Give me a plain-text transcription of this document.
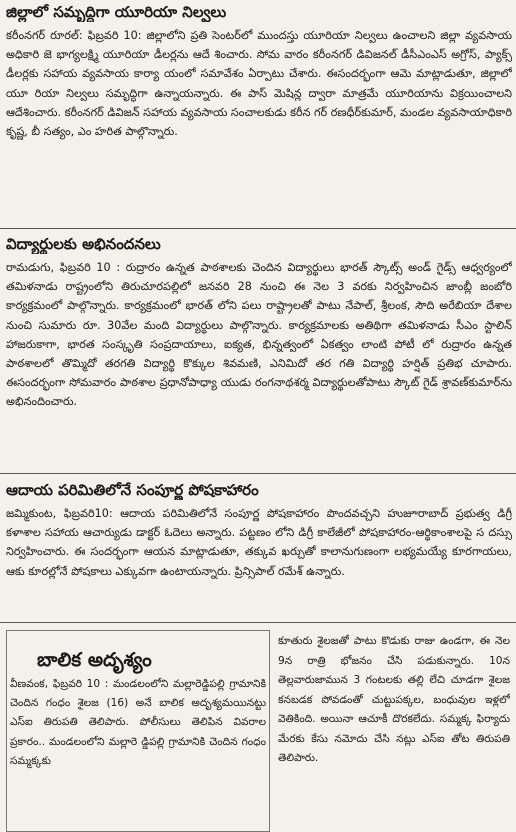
జిల్లాలో సమృద్ధిగా యూరియా నిల్వలు
కరీంనగర్ రూరల్: ఫిబ్రవరి 10: జిల్లాలోని ప్రతి సెంటర్‌లో ముందస్తు యూరియా నిల్వలు ఉంచాలని జిల్లా వ్యవసాయ అధికారి జె భాగ్యలక్ష్మి యూరియా డీలర్లను ఆదే శించారు. సోమ వారం కరీంనగర్ డివిజనల్ డీసీఎంఎస్ అగ్రోస్, ప్యాక్స్ డీలర్లకు సహాయ వ్యవసాయ కార్యా యంలో సమావేశం ఏర్పాటు చేశారు. ఈసందర్భంగా ఆమె మాట్లాడుతూ, జిల్లాలో యూ రియా నిల్వలు సమృద్ధిగా ఉన్నాయన్నారు. ఈ పాస్ మెషిన్ల ద్వారా మాత్రమే యూరియాను విక్రయించాలని ఆదేశించారు. కరీంనగర్ డివిజన్ సహాయ వ్యవసాయ సంచాలకుడు కరీన గర్ రణధీర్‌కుమార్, మండల వ్యవసాయాధికారి కృష్ణ, బీ సత్యం, ఎం హరిత పాల్గొన్నారు.
విద్యార్థులకు అభినందనలు
రామడుగు, ఫిబ్రవరి 10 : రుద్రారం ఉన్నత పాఠశాలకు చెందిన విద్యార్థులు భారత్ స్కౌట్స్ అండ్ గైడ్స్ ఆధ్వర్యంలో తమిళనాడు రాష్ట్రంలోని తిరుచూరపల్లిలో జనవరి 28 నుంచి ఈ నెల 3 వరకు నిర్వహించిన జాంబ్లీ జంబోరి కార్యక్రమంలో పాల్గొన్నారు. కార్యక్రమంలో భారత్ లోని పలు రాష్ట్రాలతో పాటు నేపాల్, శ్రీలంక, సౌది అరేబియా దేశాల నుంచి సుమారు రూ. 30వేల మంది విద్యార్థులు పాల్గొన్నారు. కార్యక్రమాలకు అతిథిగా తమిళనాడు సీఎం స్టాలిన్ హాజరుకాగా, భారత సంస్కృతి సంప్రదాయాలు, ఐక్యత, భిన్నత్వంలో ఏకత్వం లాంటి పోటీ లో రుద్రారం ఉన్నత పాఠశాలలో తొమ్మిదో తరగతి విద్యార్థి కొక్కుల శివమణి, ఎనిమిదో తర గతి విద్యార్థి హర్షిత్ ప్రతిభ చూపారు. ఈసందర్భంగా సోమవారం పాఠశాల ప్రధానోపాధ్యా యుడు రంగనాథశర్మ విద్యార్థులతోపాటు స్కౌట్ గైడ్ శ్రావణ్‌కుమార్‌ను అభినందించారు.
ఆదాయ పరిమితిలోనే సంపూర్ణ పోషకాహారం
జమ్మికుంట, ఫిబ్రవరి10: ఆదాయ పరిమితిలోనే సంపూర్ణ పోషకాహారం పొందవచ్చని హుజూరాబాద్ ప్రభుత్వ డిగ్రీ కళాశాల సహాయ ఆచార్యుడు డాక్టర్ ఓదెలు అన్నారు. పట్టణం లోని డిగ్రీ కాలేజీలో పోషకాహారం-ఆర్థికాంశాలపై స దస్సు నిర్వహించారు. ఈ సందర్భంగా ఆయన మాట్లాడుతూ, తక్కువ ఖర్చుతో కాలానుగుణంగా లభ్యమయ్యే కూరగాయలు, ఆకు కూరల్లోనే పోషకాలు ఎక్కువగా ఉంటాయన్నారు. ప్రిన్సిపాల్ రమేశ్ ఉన్నారు.
బాలిక అదృశ్యం
వీణవంక, ఫిబ్రవరి 10 : మండలంలోని మల్లారెడ్డిపల్లి గ్రామానికి చెందిన గంధం శైలజ (16) అనే బాలిక అదృశ్యమయినట్టు ఎస్ఐ తిరుపతి తెలిపారు. పోలీసులు తెలిపిన వివరాల ప్రకారం.. మండలంలోని మల్లారె డ్డిపల్లి గ్రామానికి చెందిన గంధం సమ్మక్కకు
కూతురు శైలజతో పాటు కొడుకు రాజు ఉండగా, ఈ నెల 9న రాత్రి భోజనం చేసి పడుకున్నారు. 10న తెల్లవారుజామున 3 గంటలకు తల్లి లేచి చూడగా శైలజ కనబడక పోవడంతో చుట్టుపక్కల, బంధువుల ఇళ్లలో వెతికింది. అయినా ఆచూకీ దొరకలేదు. సమ్మక్క ఫిర్యాదు మేరకు కేసు నమోదు చేసి నట్లు ఎస్ఐ తోట తిరుపతి తెలిపారు.
